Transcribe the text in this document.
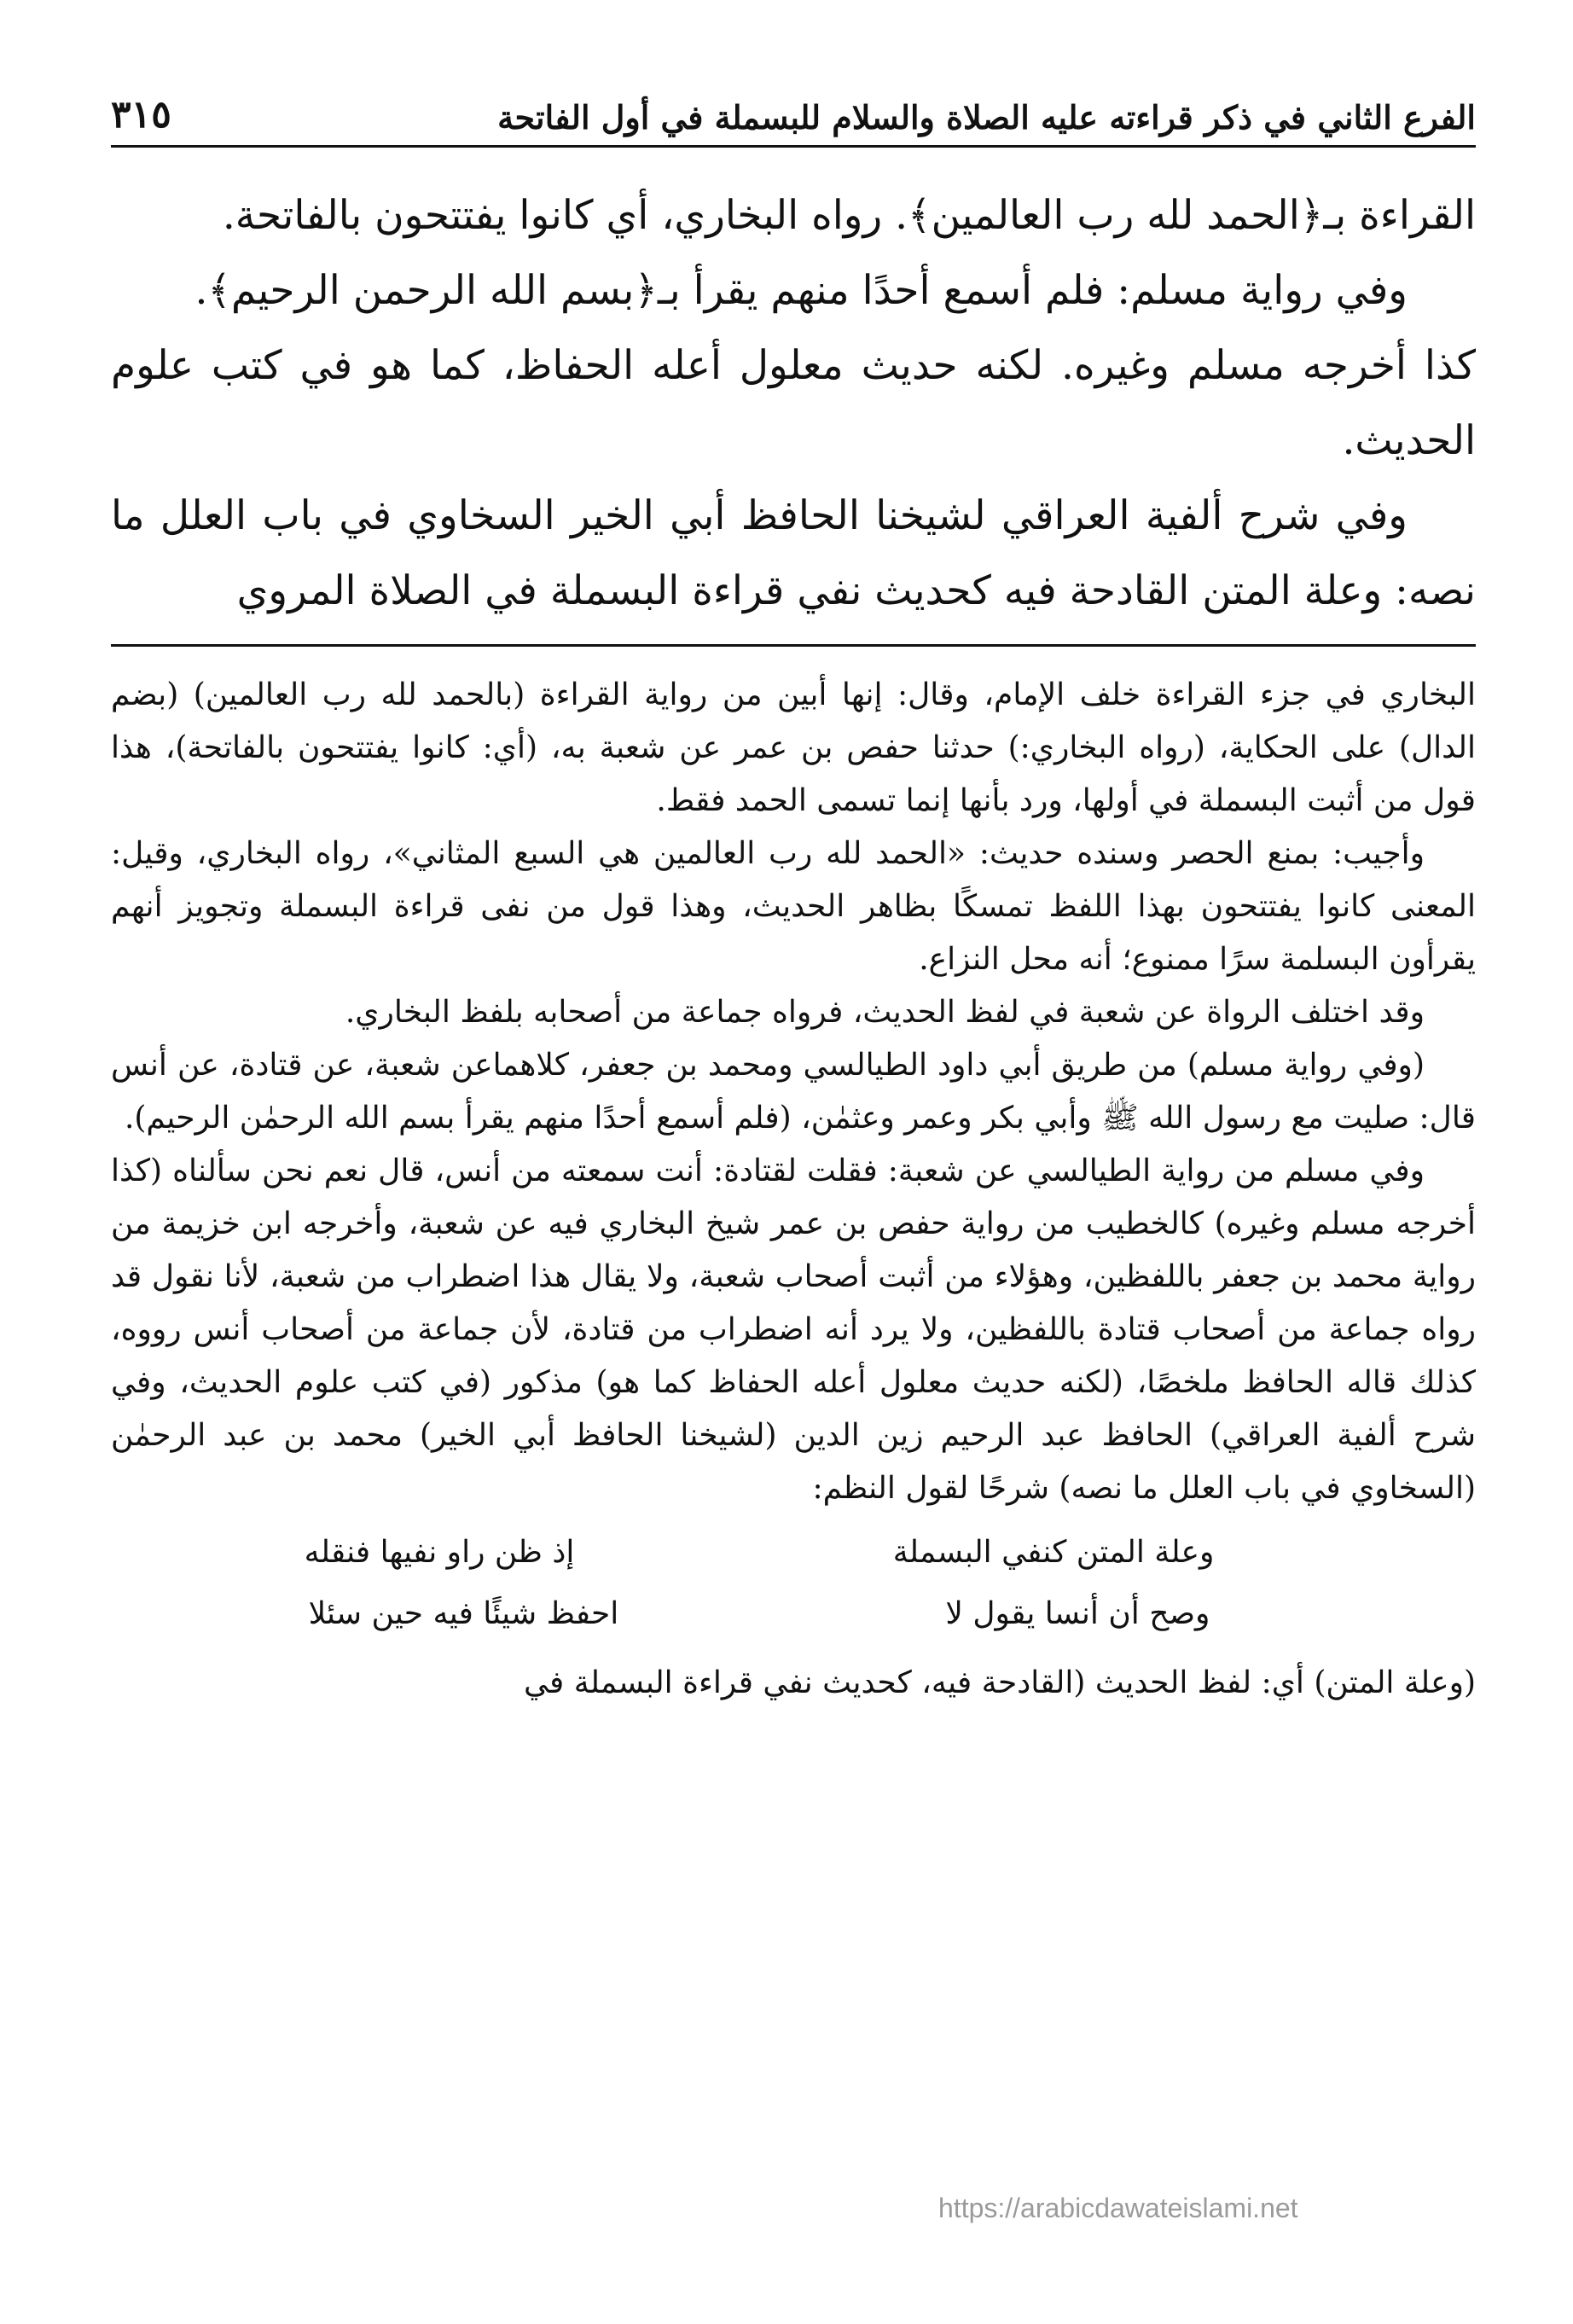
الفرع الثاني في ذكر قراءته عليه الصلاة والسلام للبسملة في أول الفاتحة
٣١٥

القراءة بـ﴿الحمد لله رب العالمين﴾. رواه البخاري، أي كانوا يفتتحون بالفاتحة.

وفي رواية مسلم: فلم أسمع أحدًا منهم يقرأ بـ﴿بسم الله الرحمن الرحيم﴾.

كذا أخرجه مسلم وغيره. لكنه حديث معلول أعله الحفاظ، كما هو في كتب علوم الحديث.

وفي شرح ألفية العراقي لشيخنا الحافظ أبي الخير السخاوي في باب العلل ما نصه: وعلة المتن القادحة فيه كحديث نفي قراءة البسملة في الصلاة المروي

البخاري في جزء القراءة خلف الإمام، وقال: إنها أبين من رواية القراءة (بالحمد لله رب العالمين) (بضم الدال) على الحكاية، (رواه البخاري:) حدثنا حفص بن عمر عن شعبة به، (أي: كانوا يفتتحون بالفاتحة)، هذا قول من أثبت البسملة في أولها، ورد بأنها إنما تسمى الحمد فقط.

وأجيب: بمنع الحصر وسنده حديث: «الحمد لله رب العالمين هي السبع المثاني»، رواه البخاري، وقيل: المعنى كانوا يفتتحون بهذا اللفظ تمسكًا بظاهر الحديث، وهذا قول من نفى قراءة البسملة وتجويز أنهم يقرأون البسلمة سرًا ممنوع؛ أنه محل النزاع.

وقد اختلف الرواة عن شعبة في لفظ الحديث، فرواه جماعة من أصحابه بلفظ البخاري.

(وفي رواية مسلم) من طريق أبي داود الطيالسي ومحمد بن جعفر، كلاهماعن شعبة، عن قتادة، عن أنس قال: صليت مع رسول الله ﷺ وأبي بكر وعمر وعثمٰن، (فلم أسمع أحدًا منهم يقرأ بسم الله الرحمٰن الرحيم).

وفي مسلم من رواية الطيالسي عن شعبة: فقلت لقتادة: أنت سمعته من أنس، قال نعم نحن سألناه (كذا أخرجه مسلم وغيره) كالخطيب من رواية حفص بن عمر شيخ البخاري فيه عن شعبة، وأخرجه ابن خزيمة من رواية محمد بن جعفر باللفظين، وهؤلاء من أثبت أصحاب شعبة، ولا يقال هذا اضطراب من شعبة، لأنا نقول قد رواه جماعة من أصحاب قتادة باللفظين، ولا يرد أنه اضطراب من قتادة، لأن جماعة من أصحاب أنس رووه، كذلك قاله الحافظ ملخصًا، (لكنه حديث معلول أعله الحفاظ كما هو) مذكور (في كتب علوم الحديث، وفي شرح ألفية العراقي) الحافظ عبد الرحيم زين الدين (لشيخنا الحافظ أبي الخير) محمد بن عبد الرحمٰن (السخاوي في باب العلل ما نصه) شرحًا لقول النظم:

وعلة المتن كنفي البسملة
إذ ظن راو نفيها فنقله
وصح أن أنسا يقول لا
احفظ شيئًا فيه حين سئلا

(وعلة المتن) أي: لفظ الحديث (القادحة فيه، كحديث نفي قراءة البسملة في

https://arabicdawateislami.net
